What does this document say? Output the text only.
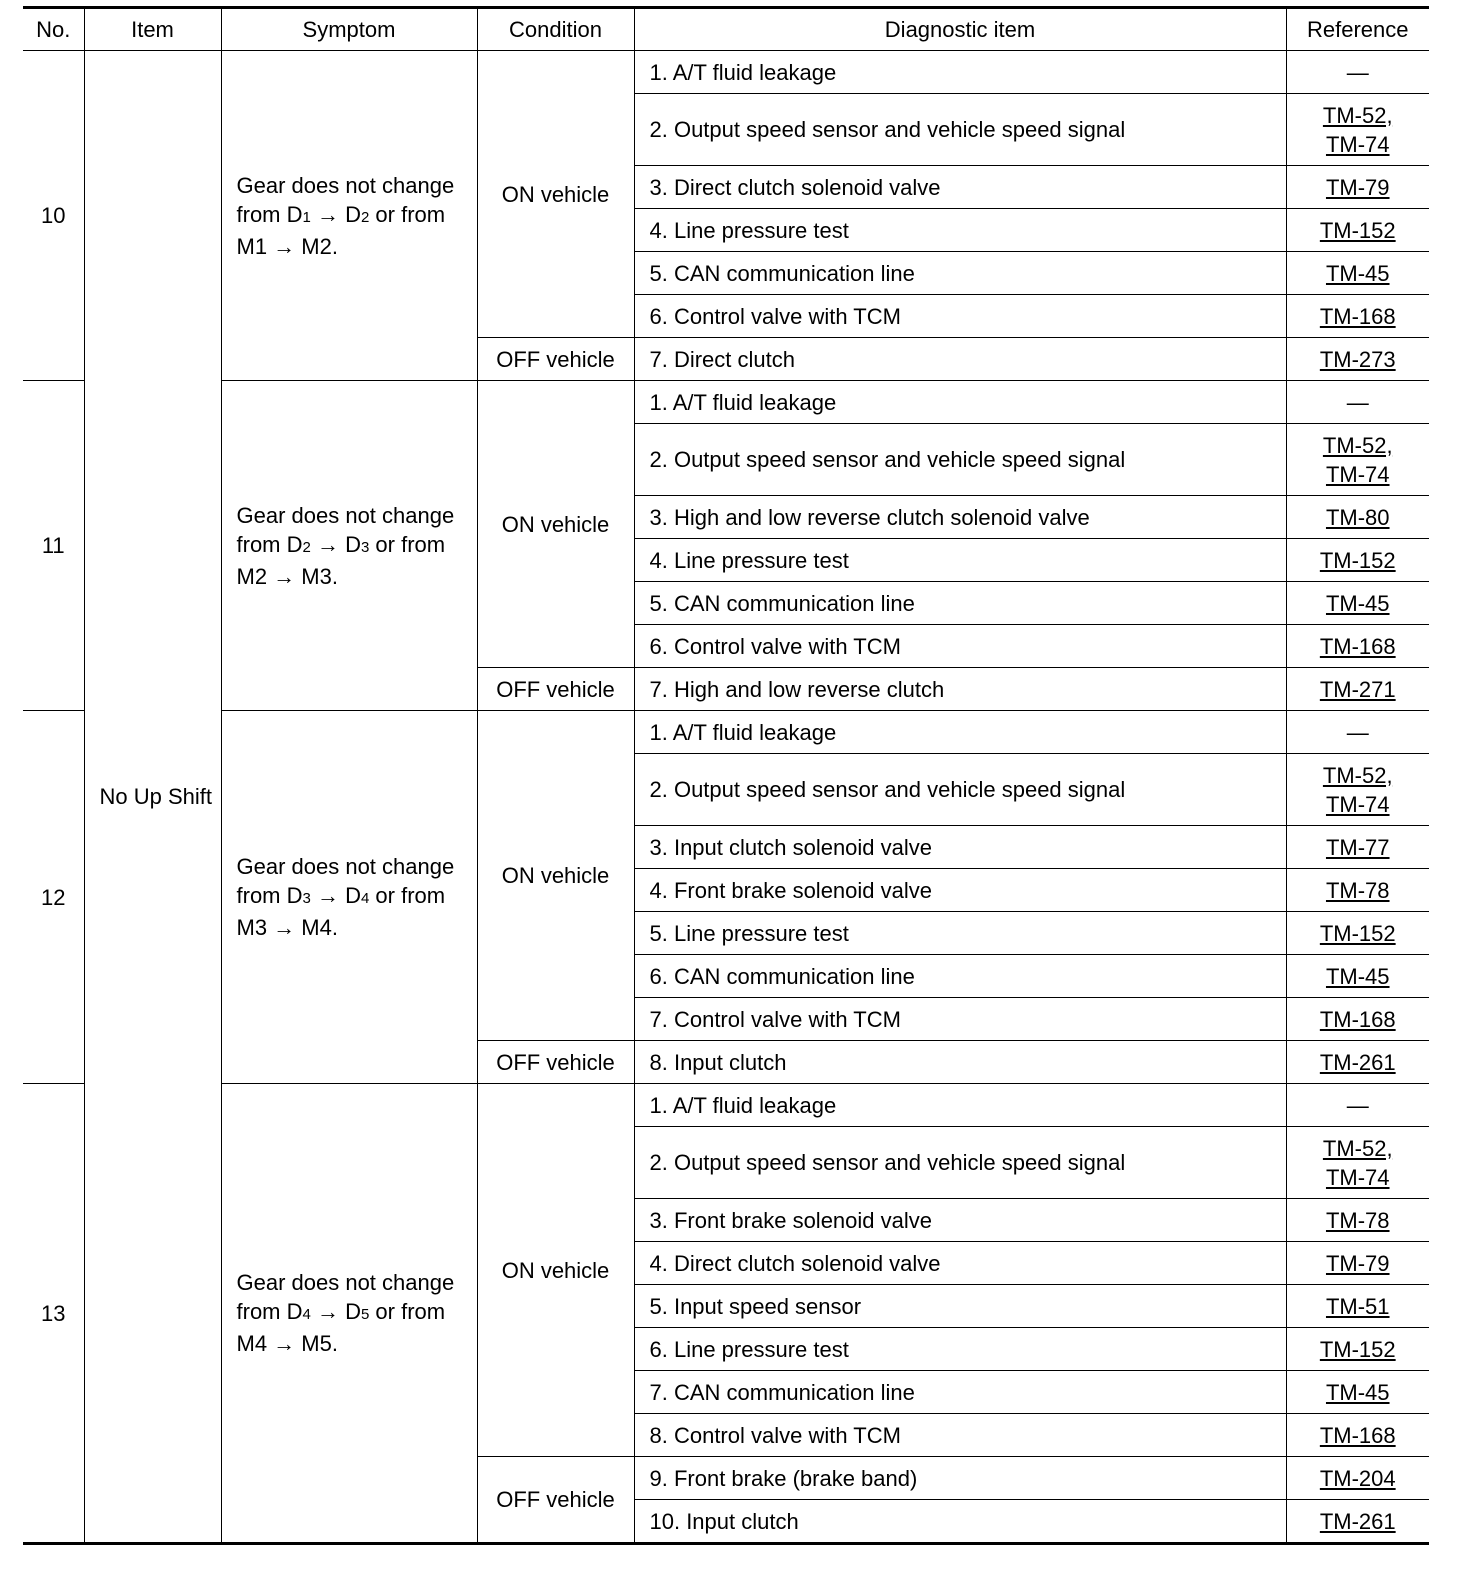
No.	Item	Symptom	Condition	Diagnostic item	Reference
10	No Up Shift	Gear does not change from D1 → D2 or from M1 → M2.	ON vehicle	1. A/T fluid leakage	—

				2. Output speed sensor and vehicle speed signal	TM-52,
TM-74

				3. Direct clutch solenoid valve	TM-79

				4. Line pressure test	TM-152

				5. CAN communication line	TM-45

				6. Control valve with TCM	TM-168

			OFF vehicle	7. Direct clutch	TM-273

11		Gear does not change from D2 → D3 or from M2 → M3.	ON vehicle	1. A/T fluid leakage	—

				2. Output speed sensor and vehicle speed signal	TM-52,
TM-74

				3. High and low reverse clutch solenoid valve	TM-80

				4. Line pressure test	TM-152

				5. CAN communication line	TM-45

				6. Control valve with TCM	TM-168

			OFF vehicle	7. High and low reverse clutch	TM-271

12		Gear does not change from D3 → D4 or from M3 → M4.	ON vehicle	1. A/T fluid leakage	—

				2. Output speed sensor and vehicle speed signal	TM-52,
TM-74

				3. Input clutch solenoid valve	TM-77

				4. Front brake solenoid valve	TM-78

				5. Line pressure test	TM-152

				6. CAN communication line	TM-45

				7. Control valve with TCM	TM-168

			OFF vehicle	8. Input clutch	TM-261

13		Gear does not change from D4 → D5 or from M4 → M5.	ON vehicle	1. A/T fluid leakage	—

				2. Output speed sensor and vehicle speed signal	TM-52,
TM-74

				3. Front brake solenoid valve	TM-78

				4. Direct clutch solenoid valve	TM-79

				5. Input speed sensor	TM-51

				6. Line pressure test	TM-152

				7. CAN communication line	TM-45

				8. Control valve with TCM	TM-168

			OFF vehicle	9. Front brake (brake band)	TM-204

				10. Input clutch	TM-261
